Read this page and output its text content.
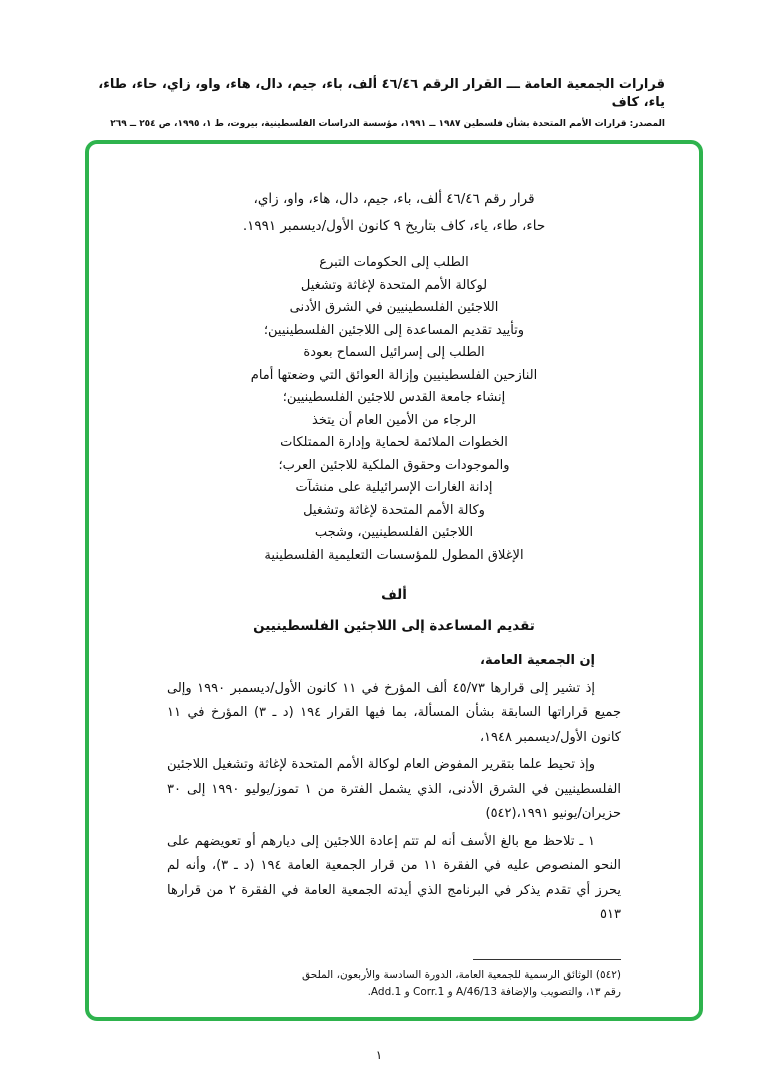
قرارات الجمعية العامة ـــ القرار الرقم ٤٦/٤٦ ألف، باء، جيم، دال، هاء، واو، زاي، حاء، طاء، ياء، كاف
المصدر: قرارات الأمم المتحدة بشأن فلسطين ١٩٨٧ ــ ١٩٩١، مؤسسة الدراسات الفلسطينية، بيروت، ط ١، ١٩٩٥، ص ٢٥٤ ــ ٢٦٩
قرار رقم ٤٦/٤٦ ألف، باء، جيم، دال، هاء، واو، زاي،
حاء، طاء، ياء، كاف بتاريخ ٩ كانون الأول/ديسمبر ١٩٩١.
الطلب إلى الحكومات التبرع
لوكالة الأمم المتحدة لإغاثة وتشغيل
اللاجئين الفلسطينيين في الشرق الأدنى
وتأييد تقديم المساعدة إلى اللاجئين الفلسطينيين؛
الطلب إلى إسرائيل السماح بعودة
النازحين الفلسطينيين وإزالة العوائق التي وضعتها أمام
إنشاء جامعة القدس للاجئين الفلسطينيين؛
الرجاء من الأمين العام أن يتخذ
الخطوات الملائمة لحماية وإدارة الممتلكات
والموجودات وحقوق الملكية للاجئين العرب؛
إدانة الغارات الإسرائيلية على منشآت
وكالة الأمم المتحدة لإغاثة وتشغيل
اللاجئين الفلسطينيين، وشجب
الإغلاق المطول للمؤسسات التعليمية الفلسطينية
ألف
تقديم المساعدة إلى اللاجئين الفلسطينيين

إن الجمعية العامة،

إذ تشير إلى قرارها ٤٥/٧٣ ألف المؤرخ في ١١ كانون الأول/ديسمبر ١٩٩٠ وإلى جميع قراراتها السابقة بشأن المسألة، بما فيها القرار ١٩٤ (د ـ ٣) المؤرخ في ١١ كانون الأول/ديسمبر ١٩٤٨،

وإذ تحيط علما بتقرير المفوض العام لوكالة الأمم المتحدة لإغاثة وتشغيل اللاجئين الفلسطينيين في الشرق الأدنى، الذي يشمل الفترة من ١ تموز/يوليو ١٩٩٠ إلى ٣٠ حزيران/يونيو ١٩٩١،(٥٤٢)

١ ـ تلاحظ مع بالغ الأسف أنه لم تتم إعادة اللاجئين إلى ديارهم أو تعويضهم على النحو المنصوص عليه في الفقرة ١١ من قرار الجمعية العامة ١٩٤ (د ـ ٣)، وأنه لم يحرز أي تقدم يذكر في البرنامج الذي أيدته الجمعية العامة في الفقرة ٢ من قرارها ٥١٣

(٥٤٢) الوثائق الرسمية للجمعية العامة، الدورة السادسة والأربعون، الملحق
رقم ١٣، والتصويب والإضافة A/46/13 و Corr.1 و Add.1.
١
